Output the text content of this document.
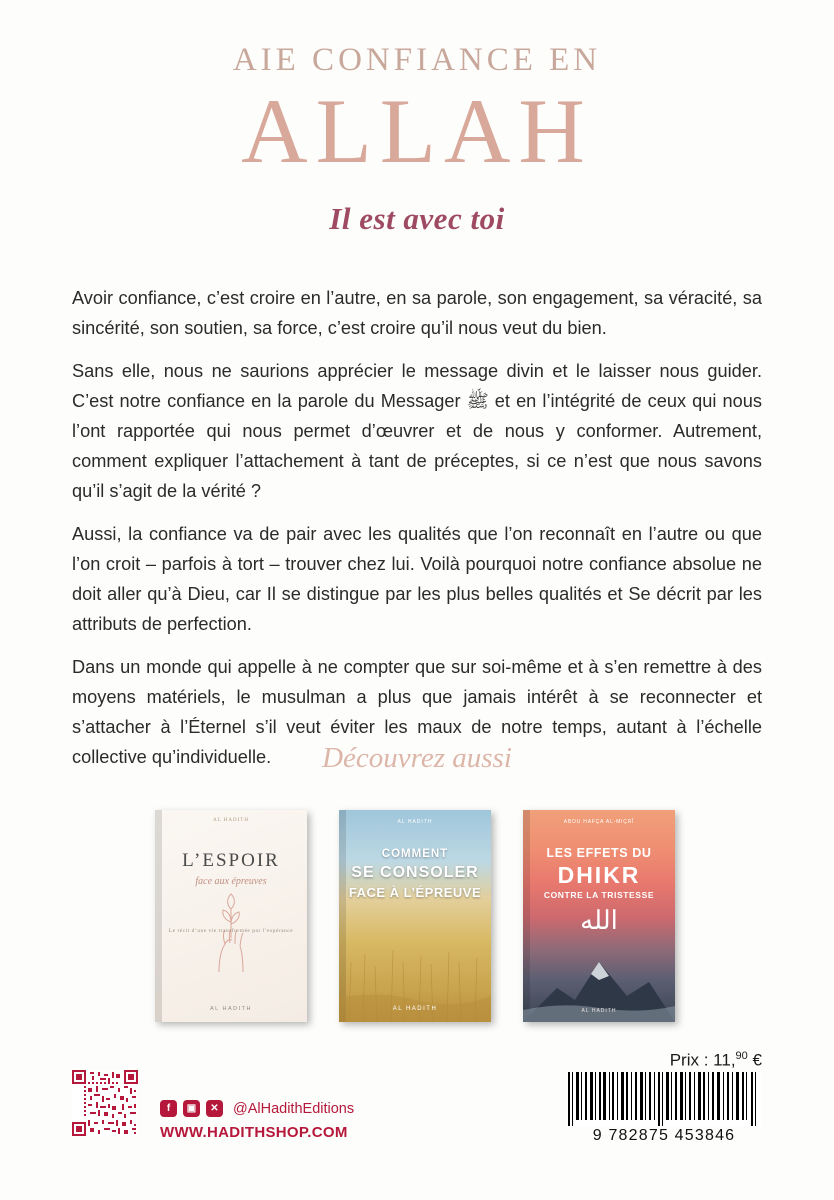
AIE CONFIANCE EN
ALLAH
Il est avec toi

Avoir confiance, c’est croire en l’autre, en sa parole, son engagement, sa véracité, sa sincérité, son soutien, sa force, c’est croire qu’il nous veut du bien.

Sans elle, nous ne saurions apprécier le message divin et le laisser nous guider. C’est notre confiance en la parole du Messager ﷺ et en l’intégrité de ceux qui nous l’ont rapportée qui nous permet d’œuvrer et de nous y conformer. Autrement, comment expliquer l’attachement à tant de préceptes, si ce n’est que nous savons qu’il s’agit de la vérité ?

Aussi, la confiance va de pair avec les qualités que l’on reconnaît en l’autre ou que l’on croit – parfois à tort – trouver chez lui. Voilà pourquoi notre confiance absolue ne doit aller qu’à Dieu, car Il se distingue par les plus belles qualités et Se décrit par les attributs de perfection.

Dans un monde qui appelle à ne compter que sur soi-même et à s’en remettre à des moyens matériels, le musulman a plus que jamais intérêt à se reconnecter et s’attacher à l’Éternel s’il veut éviter les maux de notre temps, autant à l’échelle collective qu’individuelle.	Découvrez aussi
AL HADITH
L’ESPOIR
face aux épreuves
Le récit d’une vie transformée par l’espérance
AL HADITH
AL HADITH
COMMENT
SE CONSOLER
FACE À L’ÉPREUVE
AL HADITH
ABOU HAFÇA AL-MIÇRÎ
LES EFFETS DU
DHIKR
CONTRE LA TRISTESSE
الله
AL HADITH
f	▣	✕ @AlHadithEditions
WWW.HADITHSHOP.COM
Prix : 11,90 €
9 782875 453846
